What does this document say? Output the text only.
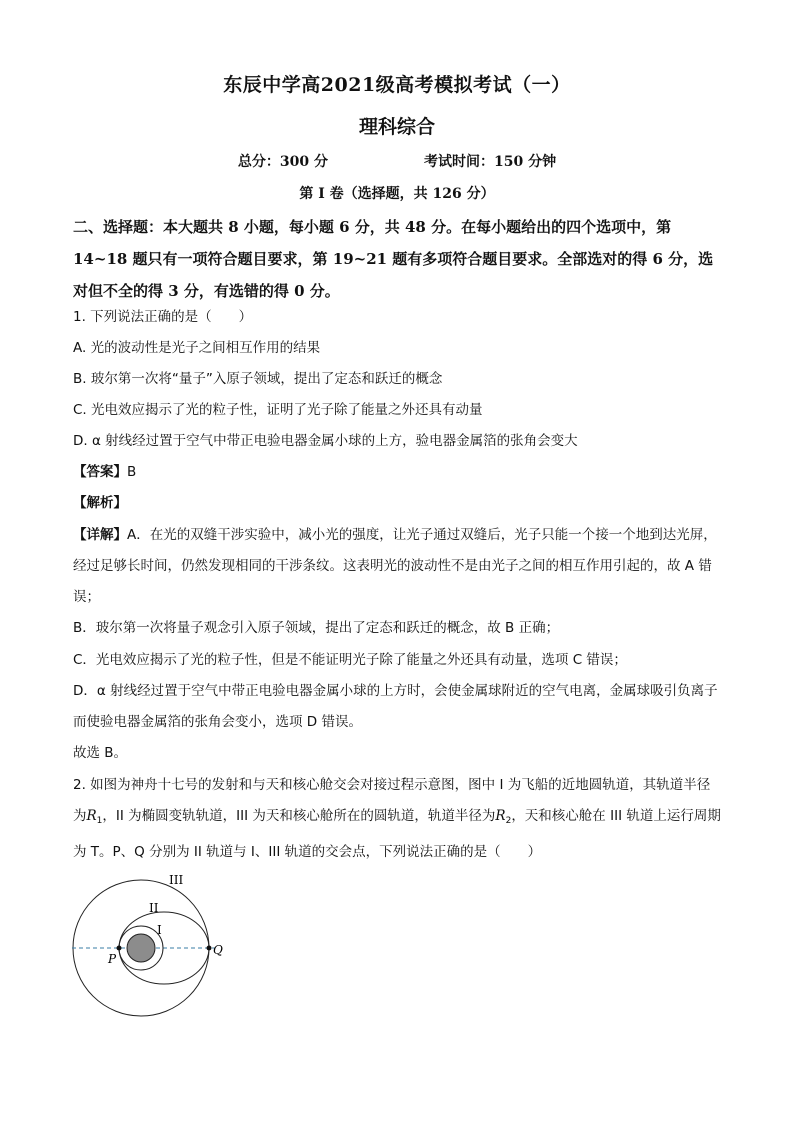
东辰中学高2021级高考模拟考试（一）
理科综合
总分：300 分	考试时间：150 分钟
第 I 卷（选择题，共 126 分）
二、选择题：本大题共 8 小题，每小题 6 分，共 48 分。在每小题给出的四个选项中，第 14~18 题只有一项符合题目要求，第 19~21 题有多项符合题目要求。全部选对的得 6 分，选对但不全的得 3 分，有选错的得 0 分。
1. 下列说法正确的是（　　）
A. 光的波动性是光子之间相互作用的结果
B. 玻尔第一次将“量子”入原子领域，提出了定态和跃迁的概念
C. 光电效应揭示了光的粒子性，证明了光子除了能量之外还具有动量
D. α 射线经过置于空气中带正电验电器金属小球的上方，验电器金属箔的张角会变大
【答案】B
【解析】
【详解】A．在光的双缝干涉实验中，减小光的强度，让光子通过双缝后，光子只能一个接一个地到达光屏，经过足够长时间，仍然发现相同的干涉条纹。这表明光的波动性不是由光子之间的相互作用引起的，故 A 错误；
B．玻尔第一次将量子观念引入原子领域，提出了定态和跃迁的概念，故 B 正确；
C．光电效应揭示了光的粒子性，但是不能证明光子除了能量之外还具有动量，选项 C 错误；
D．α 射线经过置于空气中带正电验电器金属小球的上方时，会使金属球附近的空气电离，金属球吸引负离子而使验电器金属箔的张角会变小，选项 D 错误。
故选 B。
2. 如图为神舟十七号的发射和与天和核心舱交会对接过程示意图，图中 I 为飞船的近地圆轨道，其轨道半径为$R_1$，II 为椭圆变轨轨道，III 为天和核心舱所在的圆轨道，轨道半径为$R_2$，天和核心舱在 III 轨道上运行周期为 T。P、Q 分别为 II 轨道与 I、III 轨道的交会点，下列说法正确的是（　　）
III
II
I
P
Q
